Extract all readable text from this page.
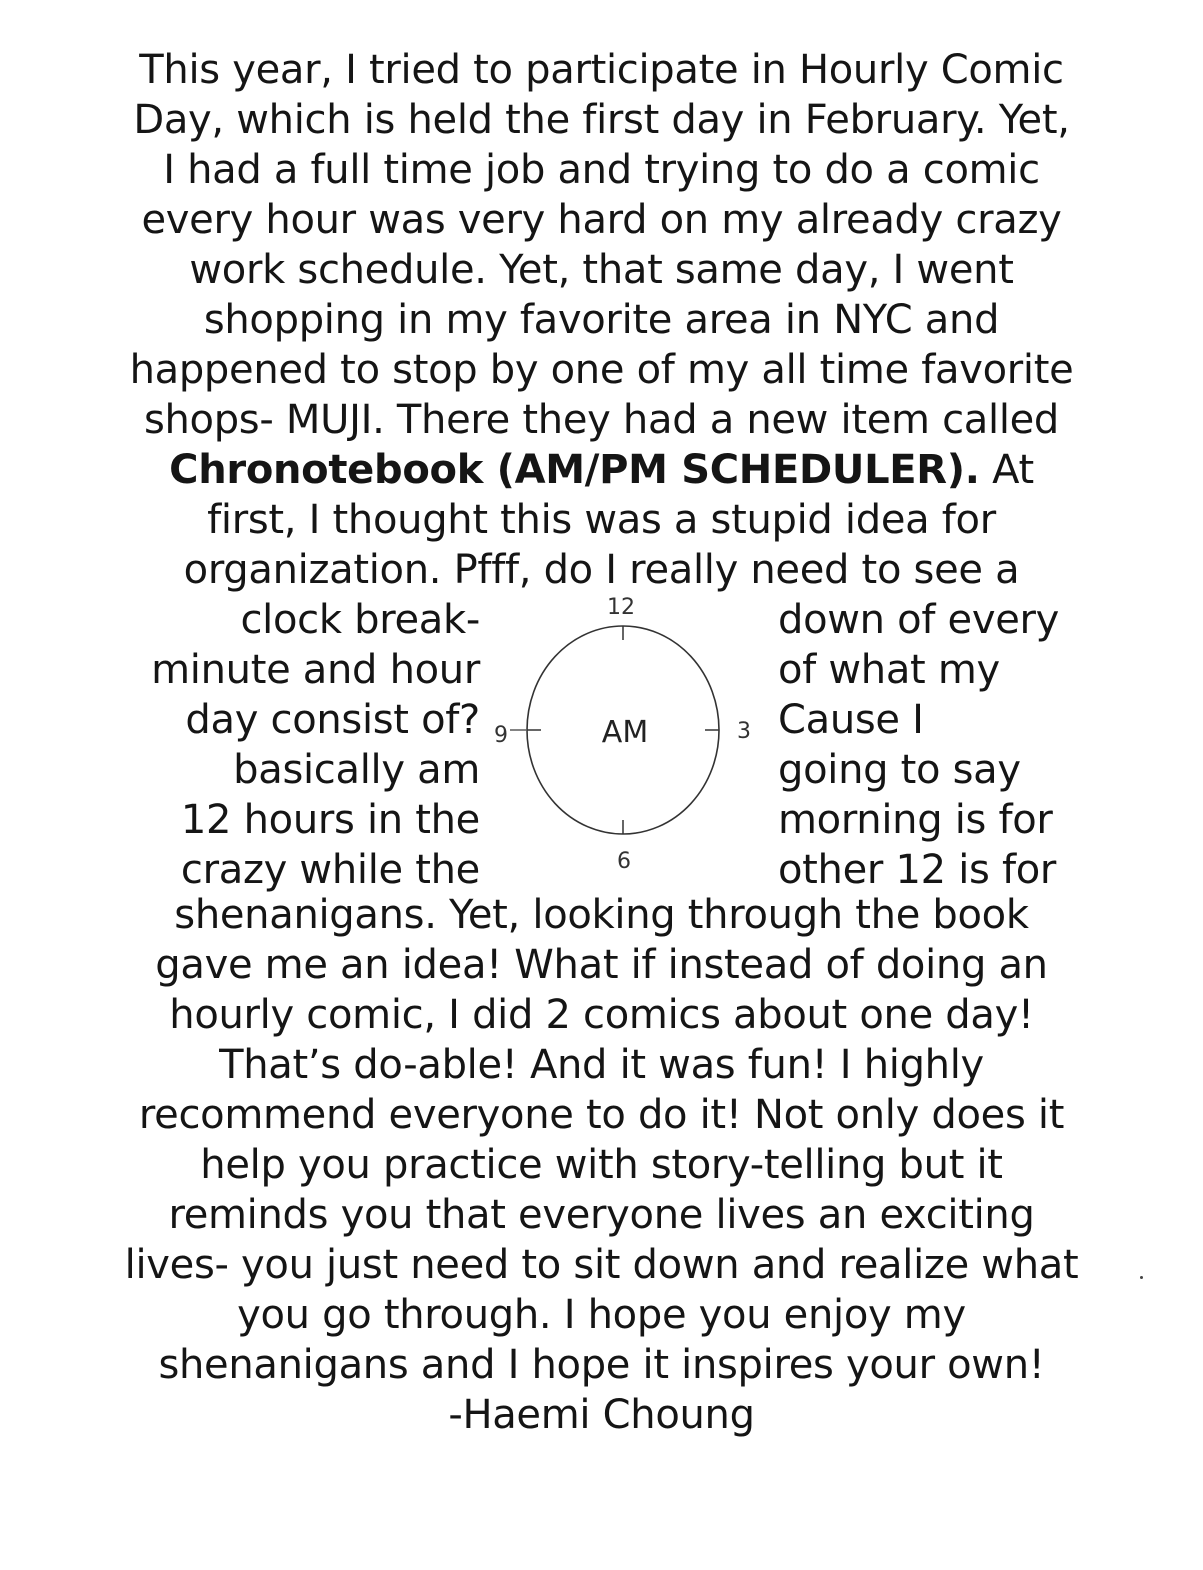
This year, I tried to participate in Hourly Comic
Day, which is held the first day in February. Yet,
I had a full time job and trying to do a comic
every hour was very hard on my already crazy
work schedule. Yet, that same day, I went
shopping in my favorite area in NYC and
happened to stop by one of my all time favorite
shops- MUJI. There they had a new item called
Chronotebook (AM/PM SCHEDULER). At
first, I thought this was a stupid idea for
organization. Pfff, do I really need to see a
clock break-
minute and hour
day consist of?
basically am
12 hours in the
crazy while the
12
3
6
9	AM
down of every
of what my
Cause I
going to say
morning is for
other 12 is for
shenanigans. Yet, looking through the book
gave me an idea! What if instead of doing an
hourly comic, I did 2 comics about one day!
That’s do-able! And it was fun! I highly
recommend everyone to do it! Not only does it
help you practice with story-telling but it
reminds you that everyone lives an exciting
lives- you just need to sit down and realize what
you go through. I hope you enjoy my
shenanigans and I hope it inspires your own!
-Haemi Choung
